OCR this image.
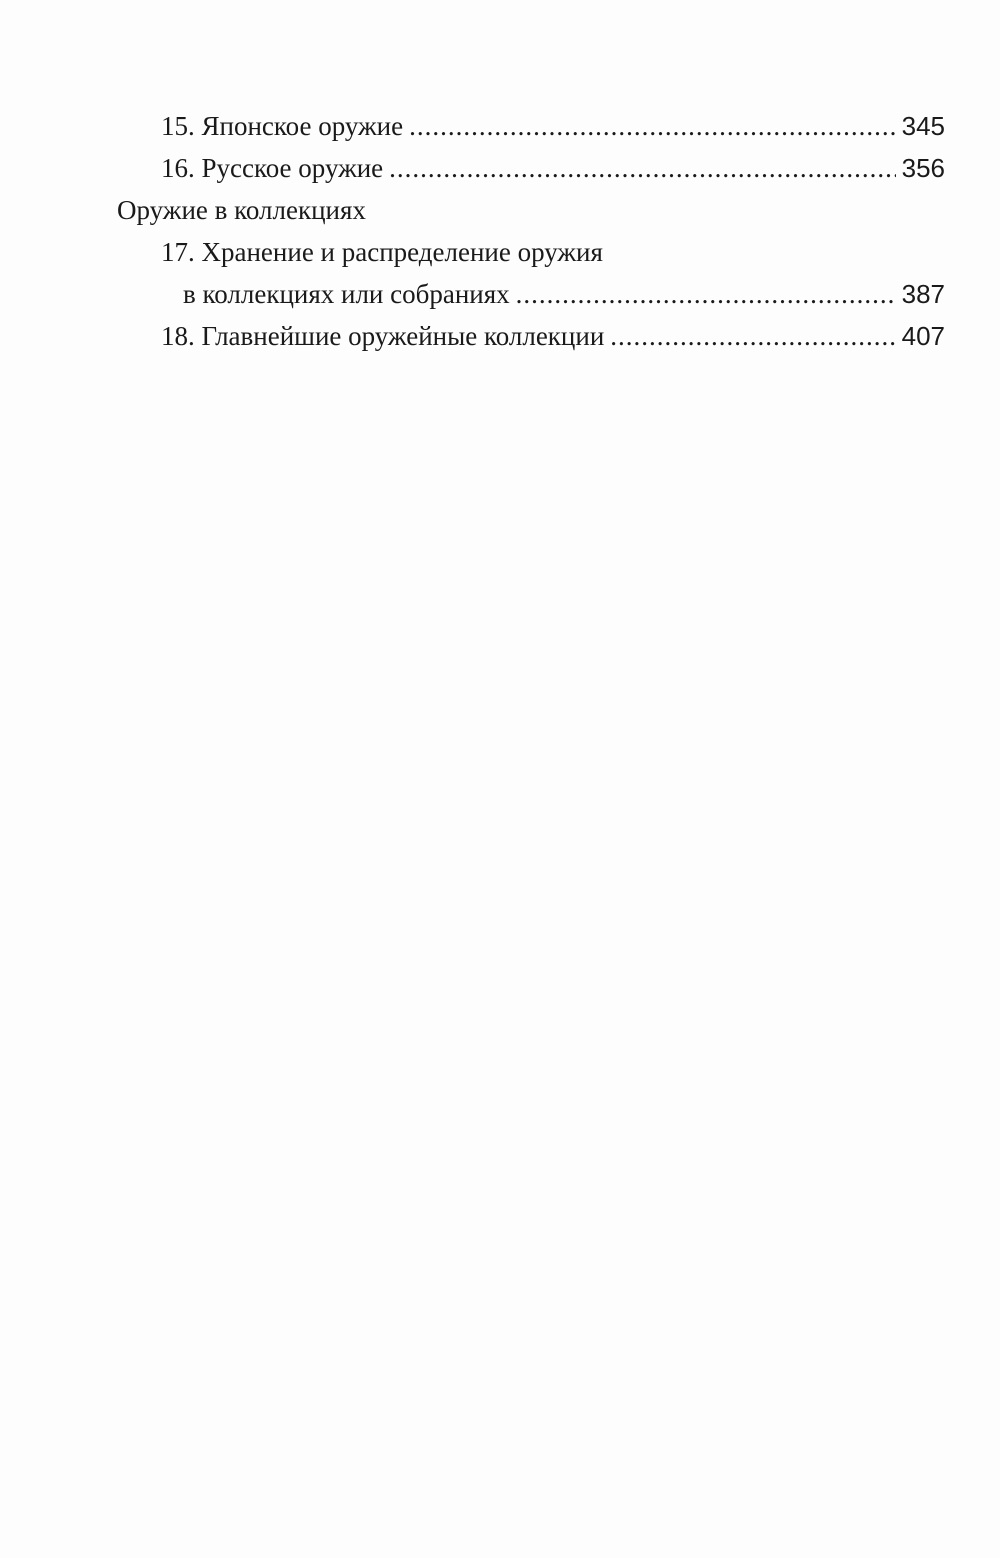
15. Японское оружие .....	345
16. Русское оружие .....	356
Оружие в коллекциях
17. Хранение и распределение оружия
в коллекциях или собраниях .....	387
18. Главнейшие оружейные коллекции .....	407
